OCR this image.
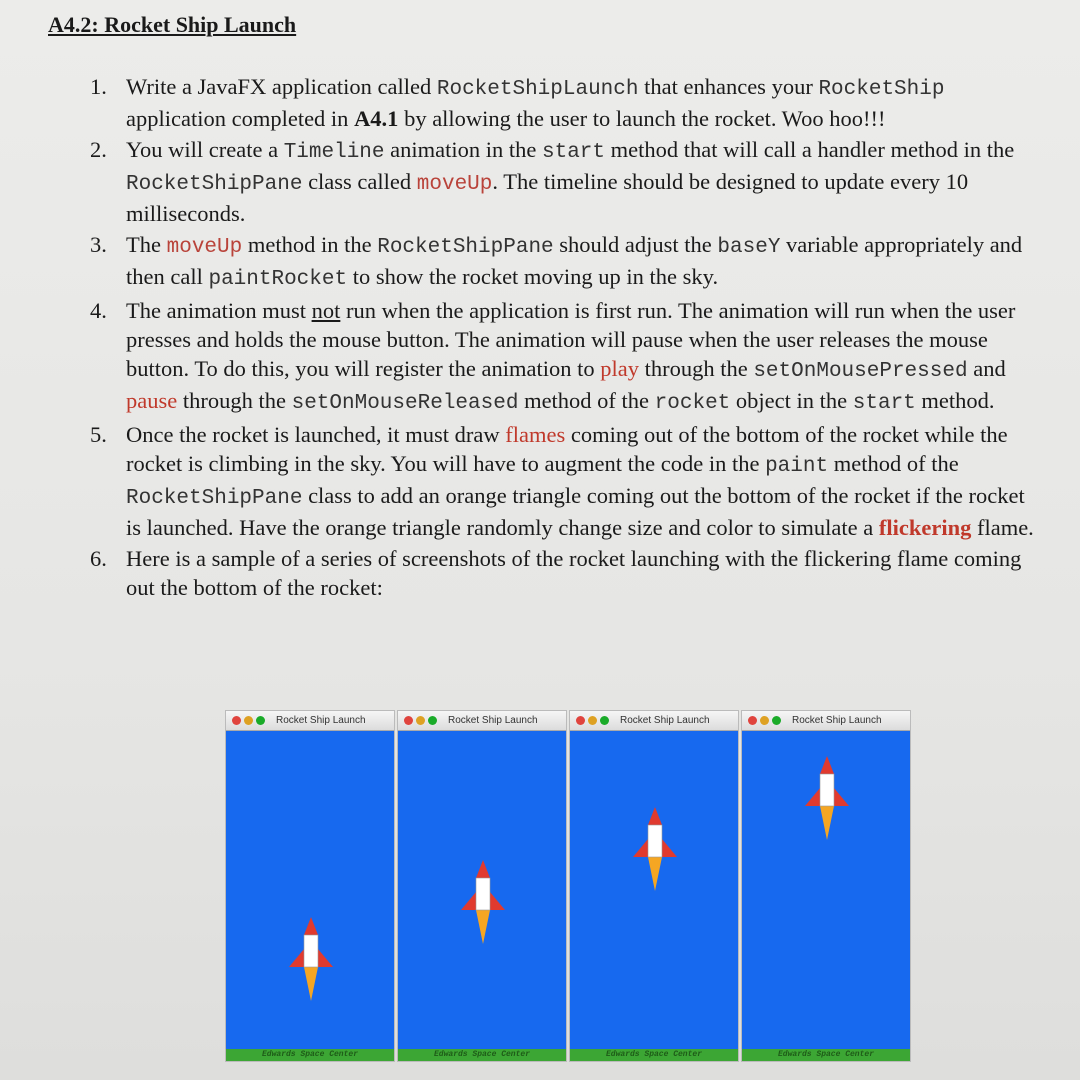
A4.2: Rocket Ship Launch
1. Write a JavaFX application called RocketShipLaunch that enhances your RocketShip application completed in A4.1 by allowing the user to launch the rocket. Woo hoo!!!
2. You will create a Timeline animation in the start method that will call a handler method in the RocketShipPane class called moveUp. The timeline should be designed to update every 10 milliseconds.
3. The moveUp method in the RocketShipPane should adjust the baseY variable appropriately and then call paintRocket to show the rocket moving up in the sky.
4. The animation must not run when the application is first run. The animation will run when the user presses and holds the mouse button. The animation will pause when the user releases the mouse button. To do this, you will register the animation to play through the setOnMousePressed and pause through the setOnMouseReleased method of the rocket object in the start method.
5. Once the rocket is launched, it must draw flames coming out of the bottom of the rocket while the rocket is climbing in the sky. You will have to augment the code in the paint method of the RocketShipPane class to add an orange triangle coming out the bottom of the rocket if the rocket is launched. Have the orange triangle randomly change size and color to simulate a flickering flame.
6. Here is a sample of a series of screenshots of the rocket launching with the flickering flame coming out the bottom of the rocket:
Rocket Ship Launch
Edwards Space Center
Rocket Ship Launch
Edwards Space Center
Rocket Ship Launch
Edwards Space Center
Rocket Ship Launch
Edwards Space Center
